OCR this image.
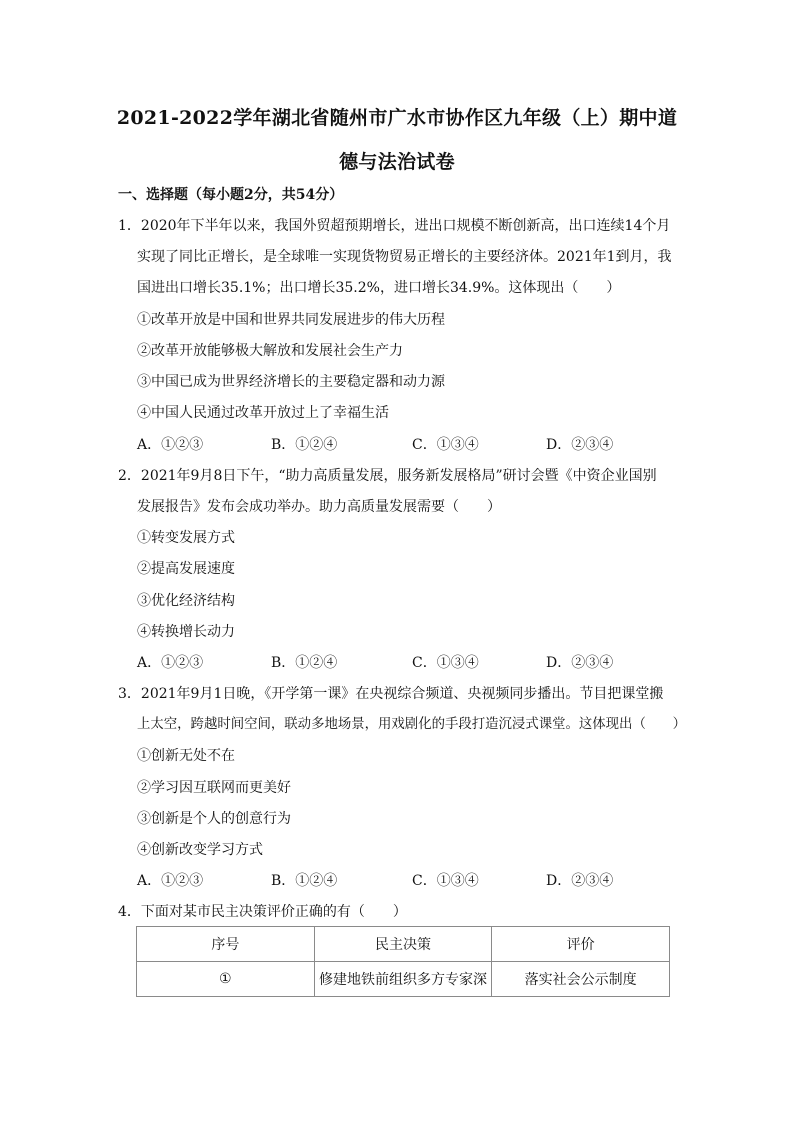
2021-2022学年湖北省随州市广水市协作区九年级（上）期中道
德与法治试卷
一、选择题（每小题2分，共54分）
1．2020年下半年以来，我国外贸超预期增长，进出口规模不断创新高，出口连续14个月
实现了同比正增长，是全球唯一实现货物贸易正增长的主要经济体。2021年1到月，我
国进出口增长35.1%；出口增长35.2%，进口增长34.9%。这体现出（　　）
①改革开放是中国和世界共同发展进步的伟大历程
②改革开放能够极大解放和发展社会生产力
③中国已成为世界经济增长的主要稳定器和动力源
④中国人民通过改革开放过上了幸福生活
A．①②③	B．①②④	C．①③④	D．②③④
2．2021年9月8日下午，“助力高质量发展，服务新发展格局”研讨会暨《中资企业国别
发展报告》发布会成功举办。助力高质量发展需要（　　）
①转变发展方式
②提高发展速度
③优化经济结构
④转换增长动力
A．①②③	B．①②④	C．①③④	D．②③④
3．2021年9月1日晚，《开学第一课》在央视综合频道、央视频同步播出。节目把课堂搬
上太空，跨越时间空间，联动多地场景，用戏剧化的手段打造沉浸式课堂。这体现出（　　）
①创新无处不在
②学习因互联网而更美好
③创新是个人的创意行为
④创新改变学习方式
A．①②③	B．①②④	C．①③④	D．②③④
4．下面对某市民主决策评价正确的有（　　）
序号	民主决策	评价
①	修建地铁前组织多方专家深	落实社会公示制度
